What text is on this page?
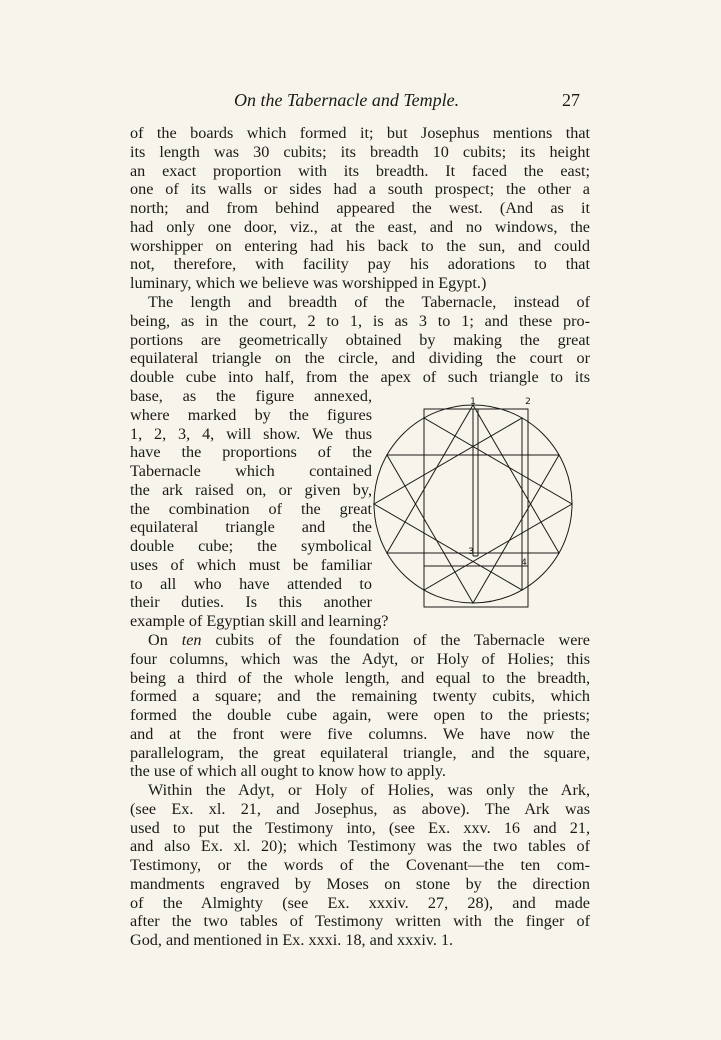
On the Tabernacle and Temple.	27
of the boards which formed it; but Josephus mentions that
its length was 30 cubits; its breadth 10 cubits; its height
an exact proportion with its breadth. It faced the east;
one of its walls or sides had a south prospect; the other a
north; and from behind appeared the west. (And as it
had only one door, viz., at the east, and no windows, the
worshipper on entering had his back to the sun, and could
not, therefore, with facility pay his adorations to that
luminary, which we believe was worshipped in Egypt.)
The length and breadth of the Tabernacle, instead of
being, as in the court, 2 to 1, is as 3 to 1; and these pro-
portions are geometrically obtained by making the great
equilateral triangle on the circle, and dividing the court or
double cube into half, from the apex of such triangle to its
base, as the figure annexed,
where marked by the figures
1, 2, 3, 4, will show. We thus
have the proportions of the
Tabernacle which contained
the ark raised on, or given by,
the combination of the great
equilateral triangle and the
double cube; the symbolical
uses of which must be familiar
to all who have attended to
their duties. Is this another
1	2
3
4
example of Egyptian skill and learning?
On ten cubits of the foundation of the Tabernacle were
four columns, which was the Adyt, or Holy of Holies; this
being a third of the whole length, and equal to the breadth,
formed a square; and the remaining twenty cubits, which
formed the double cube again, were open to the priests;
and at the front were five columns. We have now the
parallelogram, the great equilateral triangle, and the square,
the use of which all ought to know how to apply.
Within the Adyt, or Holy of Holies, was only the Ark,
(see Ex. xl. 21, and Josephus, as above). The Ark was
used to put the Testimony into, (see Ex. xxv. 16 and 21,
and also Ex. xl. 20); which Testimony was the two tables of
Testimony, or the words of the Covenant—the ten com-
mandments engraved by Moses on stone by the direction
of the Almighty (see Ex. xxxiv. 27, 28), and made
after the two tables of Testimony written with the finger of
God, and mentioned in Ex. xxxi. 18, and xxxiv. 1.
